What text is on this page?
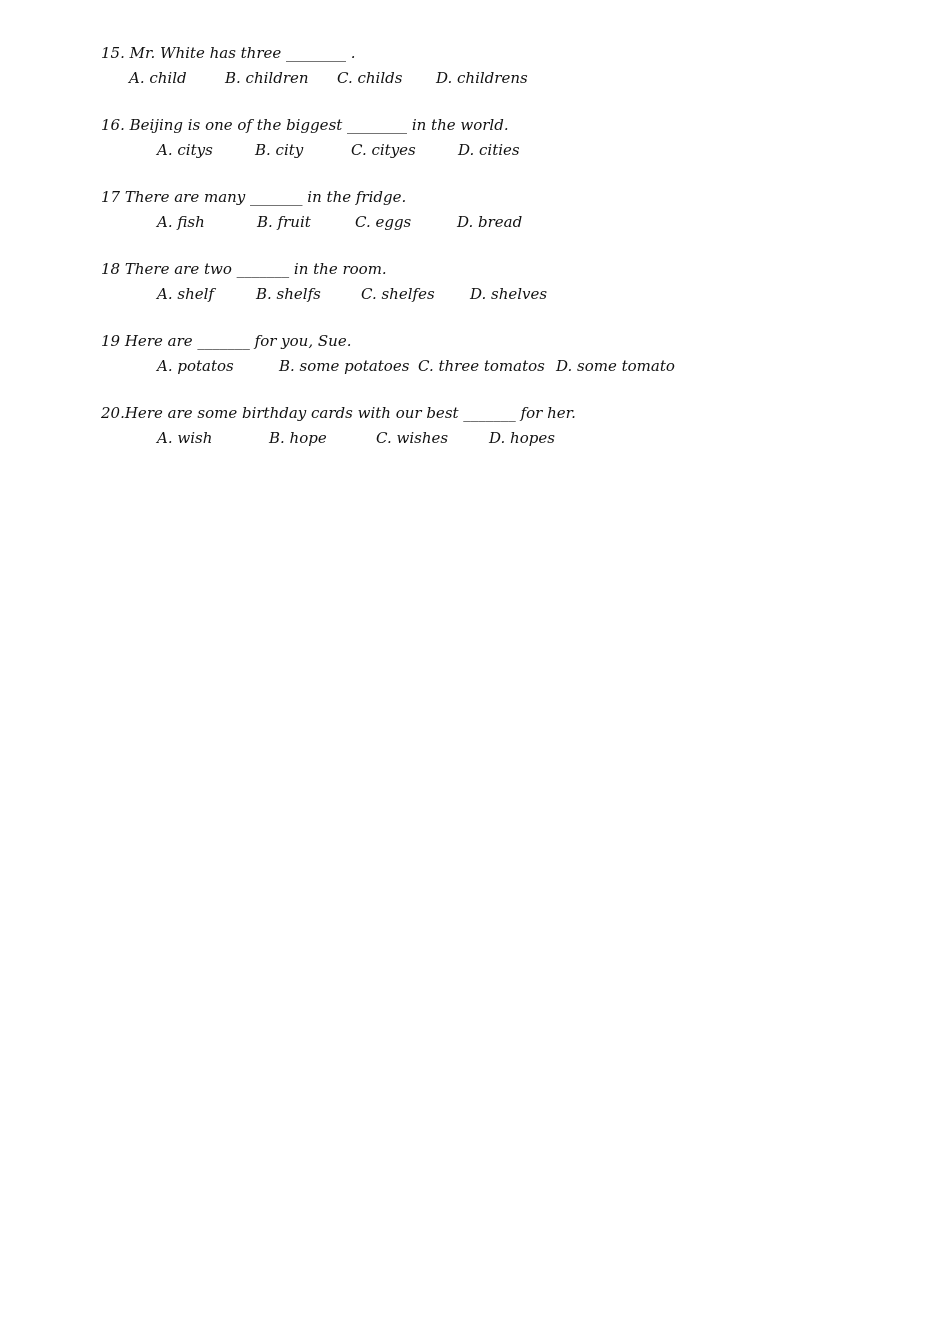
15. Mr. White has three ________ .
A. child	B. children C. childs D. childrens
16. Beijing is one of the biggest ________ in the world.
A. citys	B. city	C. cityes	D. cities
17 There are many _______ in the fridge.
A. fish	B. fruit	C. eggs	D. bread
18 There are two _______ in the room.
A. shelf	B. shelfs	C. shelfes D. shelves
19 Here are _______ for you, Sue.
A. potatos	B. some potatoes C. three tomatos D. some tomato
20.Here are some birthday cards with our best _______ for her.
A. wish	B. hope	C. wishes	D. hopes
